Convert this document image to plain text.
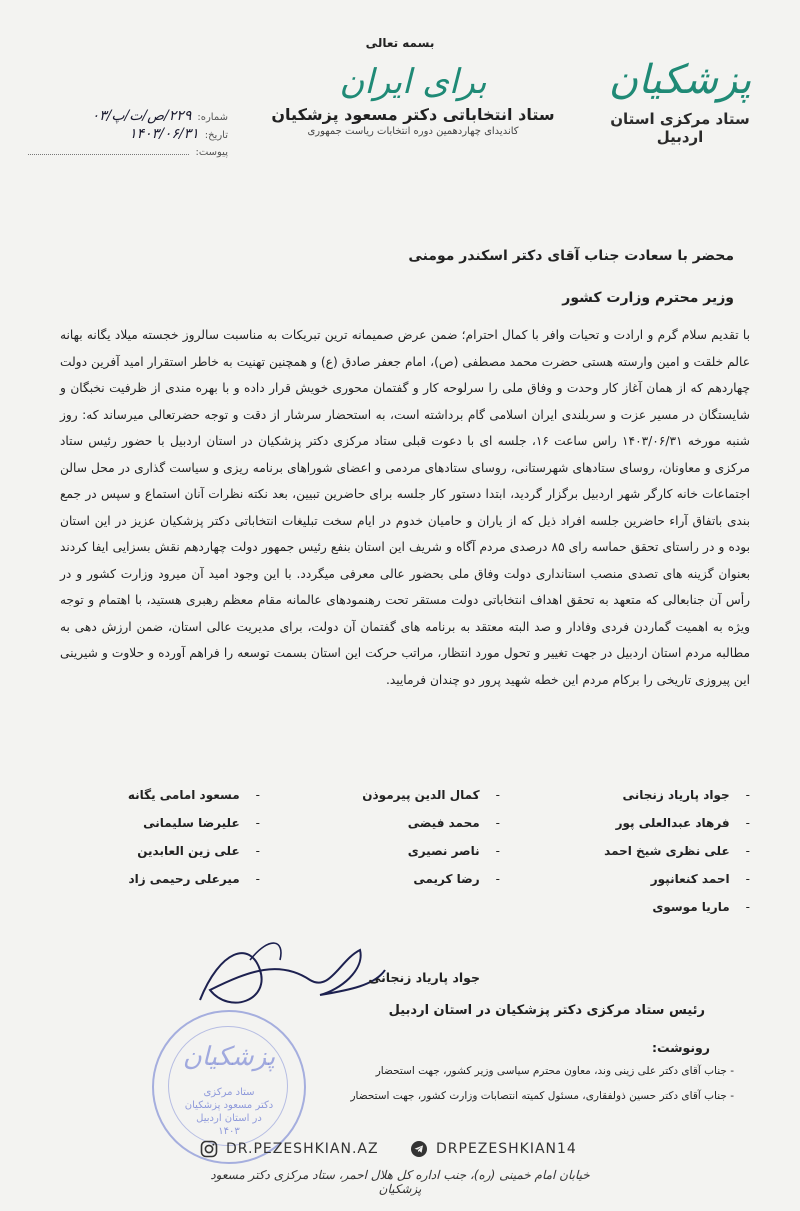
بسمه تعالی
پزشکیان
ستاد مرکزی استان اردبیل
برای ایران
ستاد انتخاباتی دکتر مسعود پزشکیان
کاندیدای چهاردهمین دوره انتخابات ریاست جمهوری
شماره:
۲۲۹/ص/ت/پ/۰۳
تاریخ:
۱۴۰۳/۰۶/۳۱
پیوست:
محضر با سعادت جناب آقای دکتر اسکندر مومنی
وزیر محترم وزارت کشور
با تقدیم سلام گرم و ارادت و تحیات وافر با کمال احترام؛ ضمن عرض صمیمانه ترین تبریکات به مناسبت سالروز خجسته میلاد یگانه بهانه عالم خلقت و امین وارسته هستی حضرت محمد مصطفی (ص)، امام جعفر صادق (ع) و همچنین تهنیت به خاطر استقرار امید آفرین دولت چهاردهم که از همان آغاز کار وحدت و وفاق ملی را سرلوحه کار و گفتمان محوری خویش قرار داده و با بهره مندی از ظرفیت نخبگان و شایستگان در مسیر عزت و سربلندی ایران اسلامی گام برداشته است، به استحضار سرشار از دقت و توجه حضرتعالی میرساند که: روز شنبه مورخه ۱۴۰۳/۰۶/۳۱ راس ساعت ۱۶، جلسه ای با دعوت قبلی ستاد مرکزی دکتر پزشکیان در استان اردبیل با حضور رئیس ستاد مرکزی و معاونان، روسای ستادهای شهرستانی، روسای ستادهای مردمی و اعضای شوراهای برنامه ریزی و سیاست گذاری در محل سالن اجتماعات خانه کارگر شهر اردبیل برگزار گردید، ابتدا دستور کار جلسه برای حاضرین تبیین، بعد نکته نظرات آنان استماع و سپس در جمع بندی باتفاق آراء حاضرین جلسه افراد ذیل که از یاران و حامیان خدوم در ایام سخت تبلیغات انتخاباتی دکتر پزشکیان عزیز در این استان بوده و در راستای تحقق حماسه رای ۸۵ درصدی مردم آگاه و شریف این استان بنفع رئیس جمهور دولت چهاردهم نقش بسزایی ایفا کردند بعنوان گزینه های تصدی منصب استانداری دولت وفاق ملی بحضور عالی معرفی میگردد. با این وجود امید آن میرود وزارت کشور و در رأس آن جنابعالی که متعهد به تحقق اهداف انتخاباتی دولت مستقر تحت رهنمودهای عالمانه مقام معظم رهبری هستید، با اهتمام و توجه ویژه به اهمیت گماردن فردی وفادار و صد البته معتقد به برنامه های گفتمان آن دولت، برای مدیریت عالی استان، ضمن ارزش دهی به مطالبه مردم استان اردبیل در جهت تغییر و تحول مورد انتظار، مراتب حرکت این استان بسمت توسعه را فراهم آورده و حلاوت و شیرینی این پیروزی تاریخی را برکام مردم این خطه شهید پرور دو چندان فرمایید.
-جواد پاریاد زنجانی
-فرهاد عبدالعلی پور
-علی نظری شیخ احمد
-احمد کنعانپور
-ماریا موسوی
-کمال الدین پیرموذن
-محمد فیضی
-ناصر نصیری
-رضا کریمی
-مسعود امامی یگانه
-علیرضا سلیمانی
-علی زین العابدین
-میرعلی رحیمی زاد
پزشکیان
ستاد مرکزی
دکتر مسعود پزشکیان
در استان اردبیل
۱۴۰۳
جواد پاریاد زنجانی
رئیس ستاد مرکزی دکتر پزشکیان در استان اردبیل
رونوشت:
- جناب آقای دکتر علی زینی وند، معاون محترم سیاسی وزیر کشور، جهت استحضار
- جناب آقای دکتر حسین ذولفقاری، مسئول کمیته انتصابات وزارت کشور، جهت استحضار
DR.PEZESHKIAN.AZ	DRPEZESHKIAN14
خیابان امام خمینی (ره)، جنب اداره کل هلال احمر، ستاد مرکزی دکتر مسعود پزشکیان
